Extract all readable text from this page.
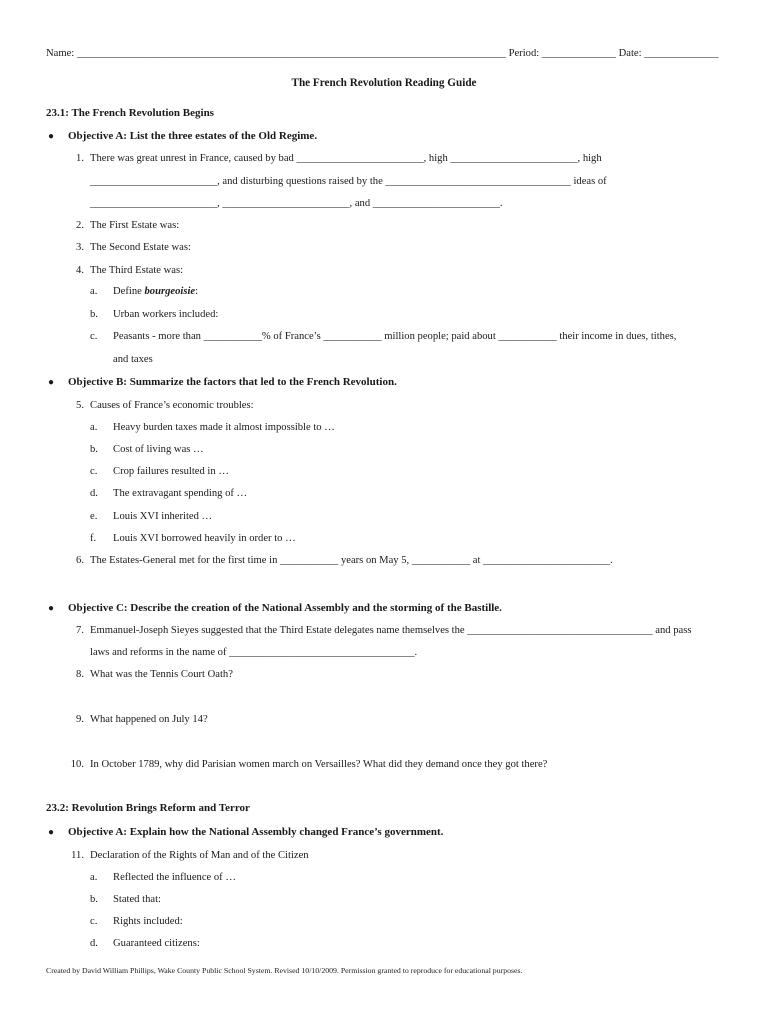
Name: _________________________________________________________________________________ Period: ______________ Date: ______________
The French Revolution Reading Guide
23.1: The French Revolution Begins
● Objective A: List the three estates of the Old Regime.
1. There was great unrest in France, caused by bad ________________________, high ________________________, high
________________________, and disturbing questions raised by the ___________________________________ ideas of
________________________, ________________________, and ________________________.
2. The First Estate was:
3. The Second Estate was:
4. The Third Estate was:
a. Define bourgeoisie:
b. Urban workers included:
c. Peasants - more than ___________% of France’s ___________ million people; paid about ___________ their income in dues, tithes,
and taxes
● Objective B: Summarize the factors that led to the French Revolution.
5. Causes of France’s economic troubles:
a. Heavy burden taxes made it almost impossible to …
b. Cost of living was …
c. Crop failures resulted in …
d. The extravagant spending of …
e. Louis XVI inherited …
f. Louis XVI borrowed heavily in order to …
6. The Estates-General met for the first time in ___________ years on May 5, ___________ at ________________________.
● Objective C: Describe the creation of the National Assembly and the storming of the Bastille.
7. Emmanuel-Joseph Sieyes suggested that the Third Estate delegates name themselves the ___________________________________ and pass
laws and reforms in the name of ___________________________________.
8. What was the Tennis Court Oath?
9. What happened on July 14?
10. In October 1789, why did Parisian women march on Versailles? What did they demand once they got there?
23.2: Revolution Brings Reform and Terror
● Objective A: Explain how the National Assembly changed France’s government.
11. Declaration of the Rights of Man and of the Citizen
a. Reflected the influence of …
b. Stated that:
c. Rights included:
d. Guaranteed citizens:
Created by David William Phillips, Wake County Public School System. Revised 10/10/2009. Permission granted to reproduce for educational purposes.
